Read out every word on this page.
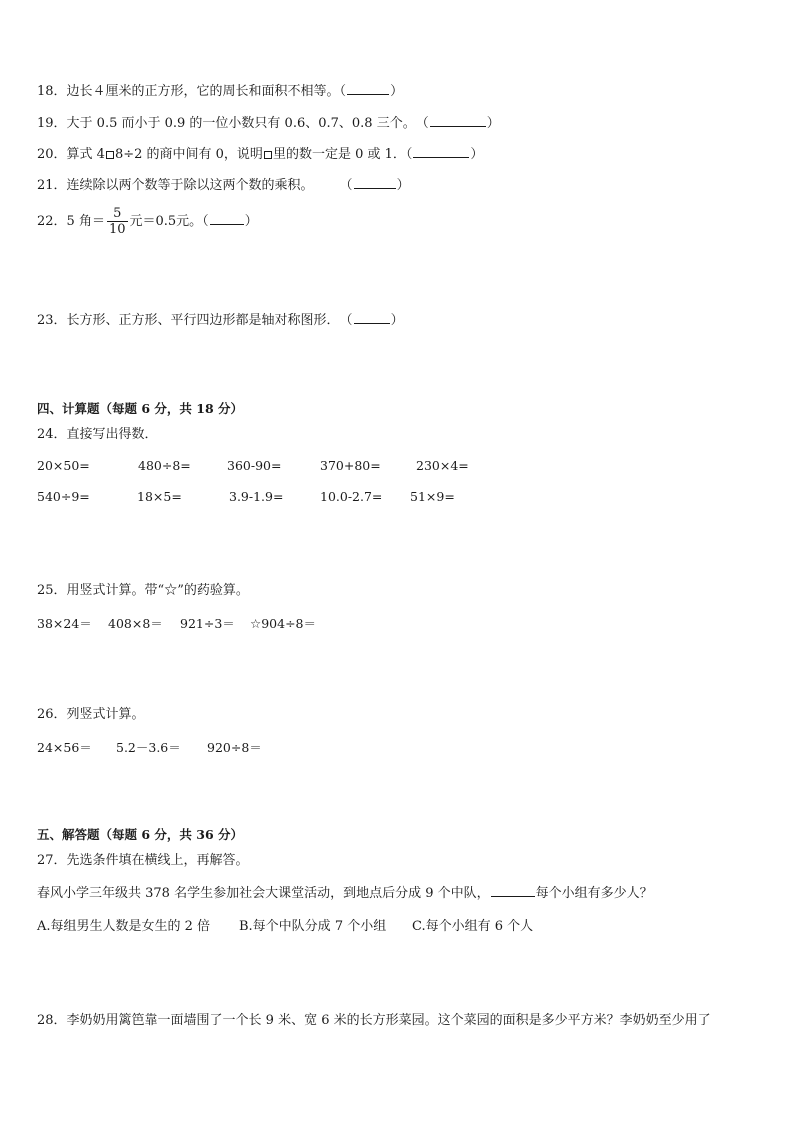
18．边长４厘米的正方形，它的周长和面积不相等。（	）
19．大于 0.5 而小于 0.9 的一位小数只有 0.6、0.7、0.8 三个。　（	）
20．算式 4 8÷2 的商中间有 0，说明 里的数一定是 0 或 1．（	）
21．连续除以两个数等于除以这两个数的乘积。　　　（	）
22．5 角＝ $\frac{5}{10}$ 元＝0.5元。（	）
23．长方形、正方形、平行四边形都是轴对称图形．　（	）
四、计算题（每题 6 分，共 18 分）
24．直接写出得数．
20×50=	480÷8=	360-90=	370+80=	230×4=
540÷9=	18×5=	3.9-1.9=	10.0-2.7= 51×9=
25．用竖式计算。带“☆”的药验算。
38×24＝ 408×8＝ 921÷3＝ ☆904÷8＝
26．列竖式计算。
24×56＝ 5.2－3.6＝ 920÷8＝
五、解答题（每题 6 分，共 36 分）
27．先选条件填在横线上，再解答。
春风小学三年级共 378 名学生参加社会大课堂活动，到地点后分成 9 个中队，	每个小组有多少人？
A.每组男生人数是女生的 2 倍 B.每个中队分成 7 个小组 C.每个小组有 6 个人
28．李奶奶用篱笆靠一面墙围了一个长 9 米、宽 6 米的长方形菜园。这个菜园的面积是多少平方米？李奶奶至少用了
